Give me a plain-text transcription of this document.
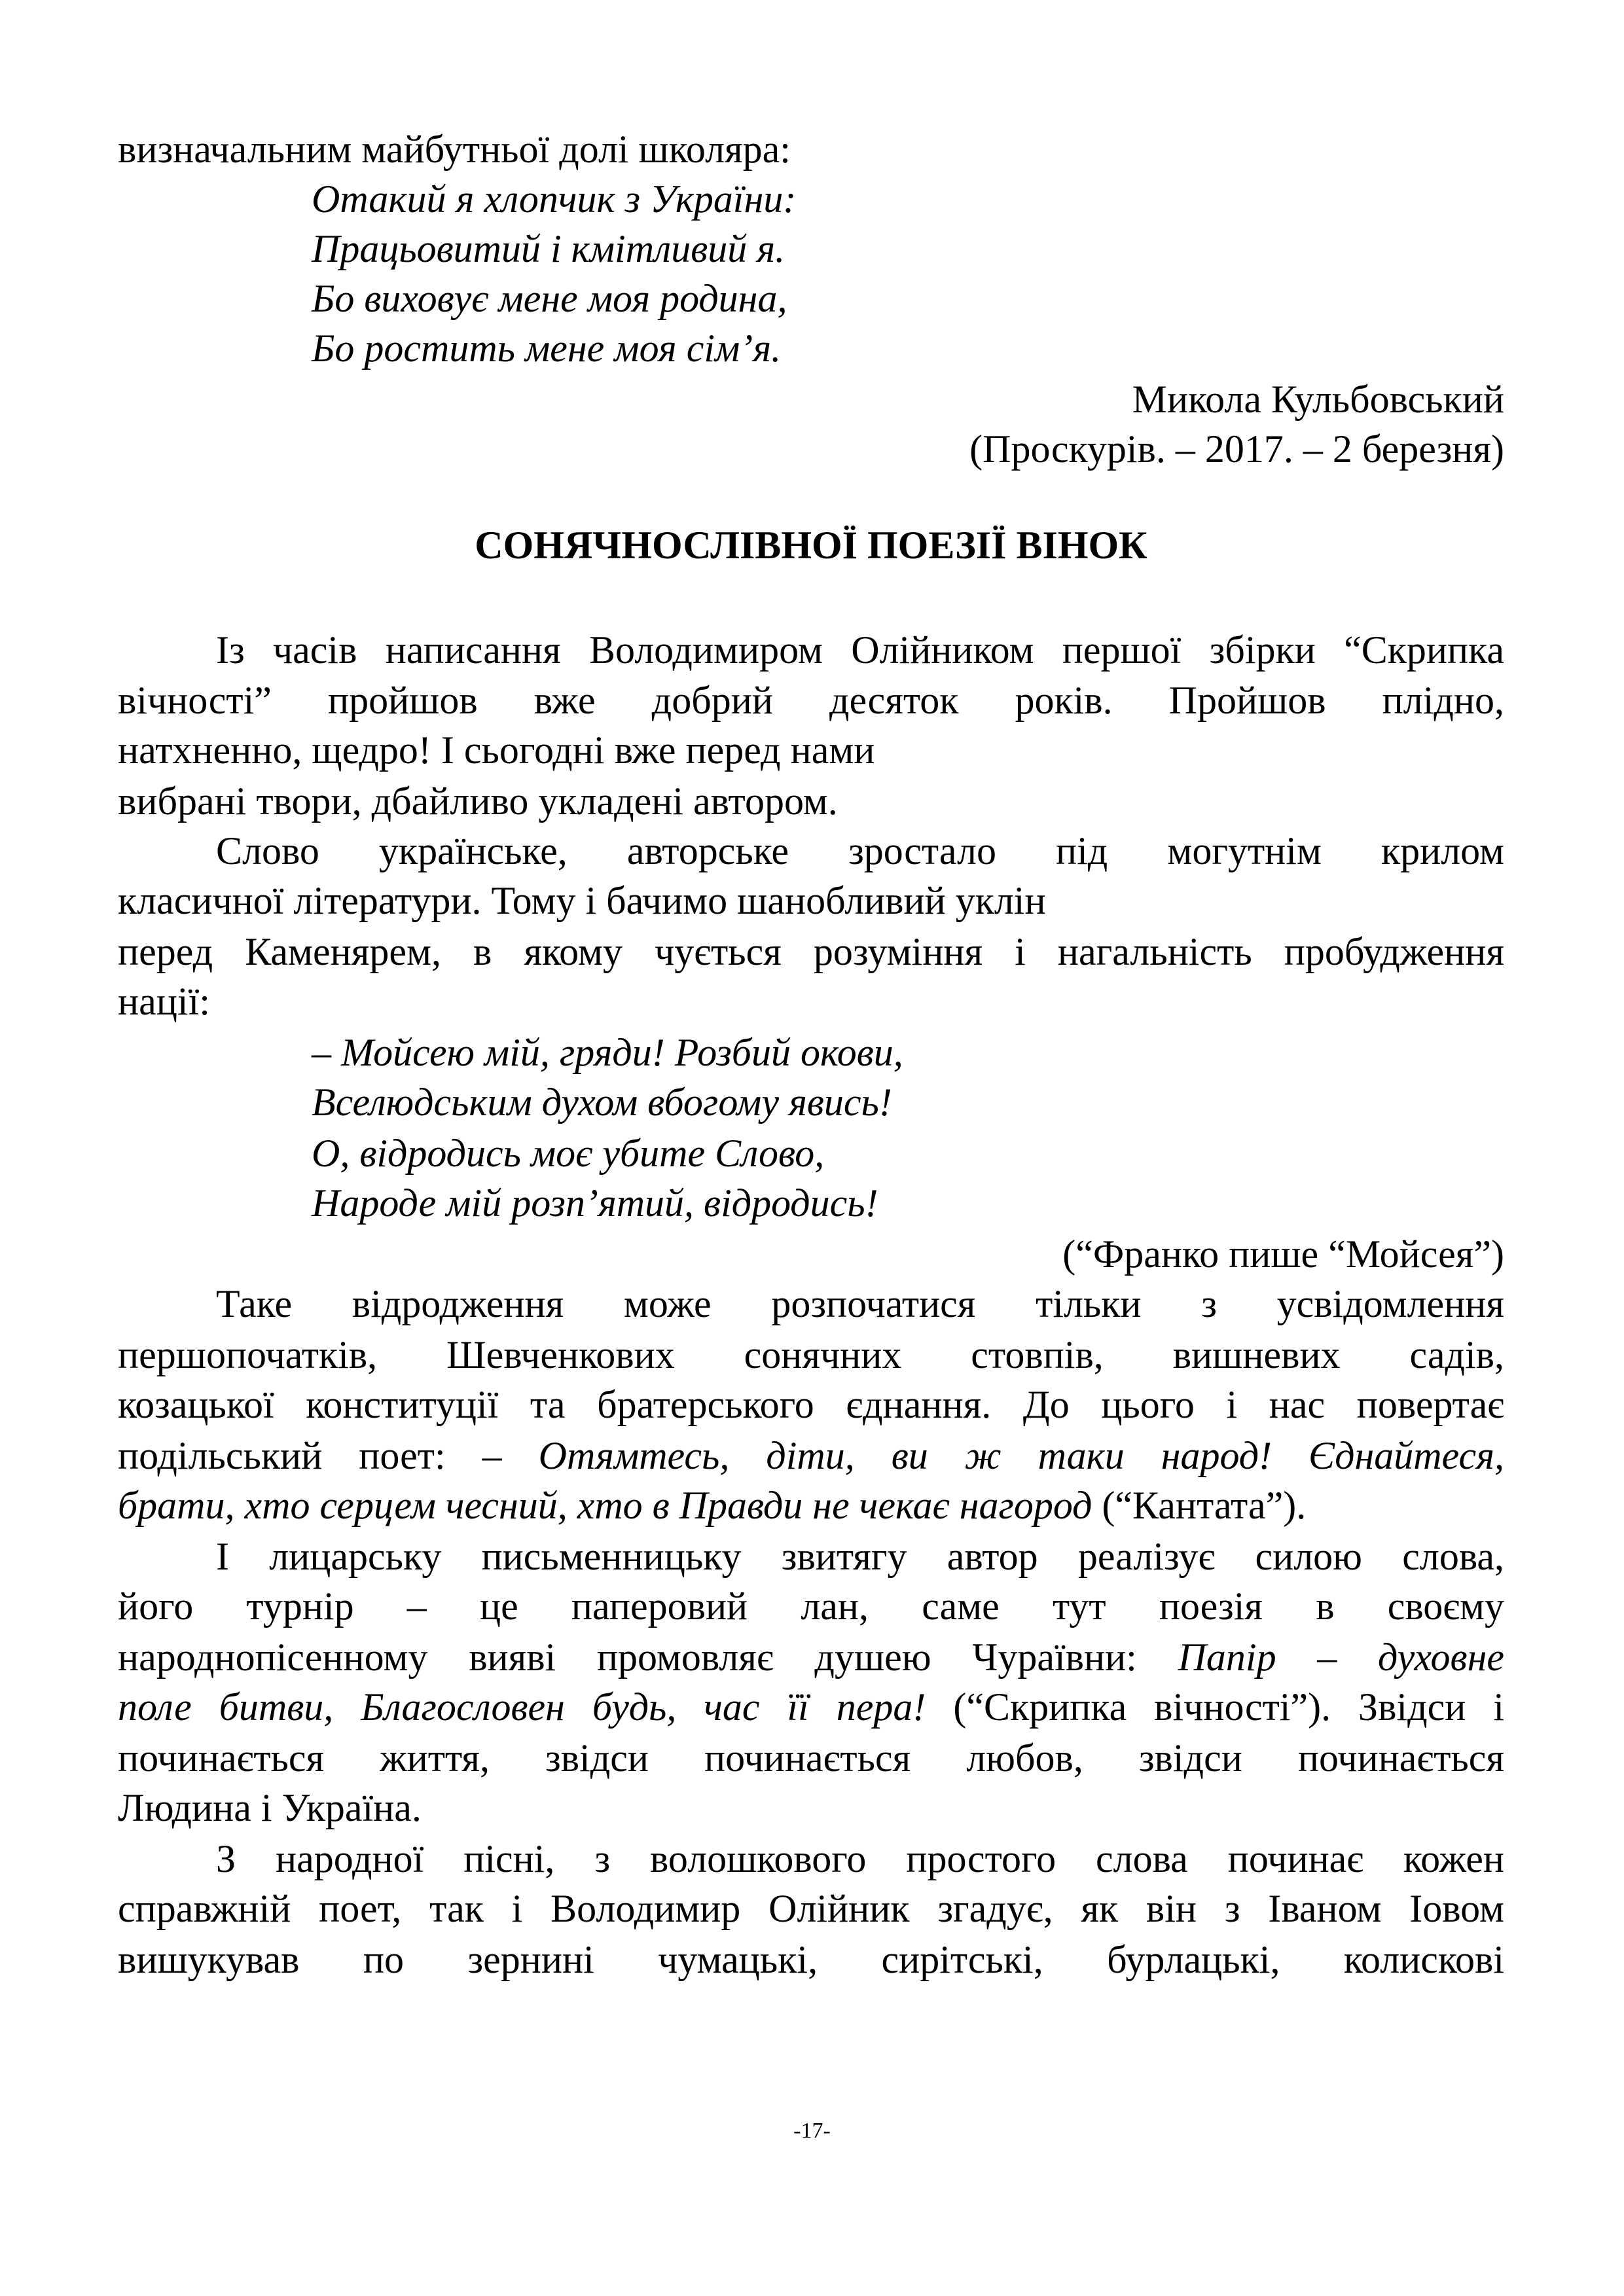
визначальним майбутньої долі школяра:
Отакий я хлопчик з України:
Працьовитий і кмітливий я.
Бо виховує мене моя родина,
Бо ростить мене моя сім’я.
Микола Кульбовський
(Проскурів. – 2017. – 2 березня)
СОНЯЧНОСЛІВНОЇ ПОЕЗІЇ ВІНОК
Із часів написання Володимиром Олійником першої збірки “Скрипка
вічності” пройшов вже добрий десяток років. Пройшов плідно,
натхненно, щедро! І сьогодні вже перед нами
вибрані твори, дбайливо укладені автором.
Слово українське, авторське зростало під могутнім крилом
класичної літератури. Тому і бачимо шанобливий уклін
перед Каменярем, в якому чується розуміння і нагальність пробудження
нації:
– Мойсею мій, гряди! Розбий окови,
Вселюдським духом вбогому явись!
О, відродись моє убите Слово,
Народе мій розп’ятий, відродись!
(“Франко пише “Мойсея”)
Таке відродження може розпочатися тільки з усвідомлення
першопочатків, Шевченкових сонячних стовпів, вишневих садів,
козацької конституції та братерського єднання. До цього і нас повертає
подільський поет: – Отямтесь, діти, ви ж таки народ! Єднайтеся,
брати, хто серцем чесний, хто в Правди не чекає нагород (“Кантата”).
І лицарську письменницьку звитягу автор реалізує силою слова,
його турнір – це паперовий лан, саме тут поезія в своєму
народнопісенному вияві промовляє душею Чураївни: Папір – духовне
поле битви, Благословен будь, час її пера! (“Скрипка вічності”). Звідси і
починається життя, звідси починається любов, звідси починається
Людина і Україна.
З народної пісні, з волошкового простого слова починає кожен
справжній поет, так і Володимир Олійник згадує, як він з Іваном Іовом
вишукував по зернині чумацькі, сирітські, бурлацькі, колискові
-17-
